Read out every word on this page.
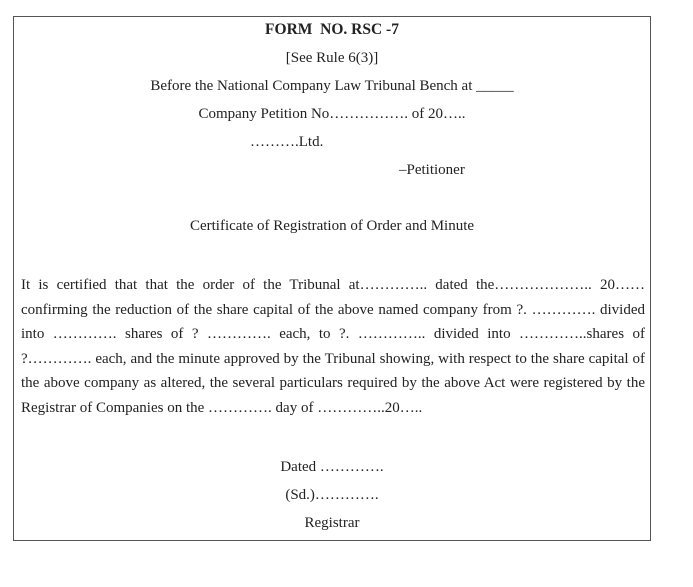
FORM  NO. RSC -7
[See Rule 6(3)]
Before the National Company Law Tribunal Bench at _____
Company Petition No……………. of 20…..
……….Ltd.
–Petitioner
Certificate of Registration of Order and Minute
It is certified that that the order of the Tribunal at………….. dated the……………….. 20…… confirming the reduction of the share capital of the above named company from ?. …………. divided into …………. shares of ? …………. each, to ?. ………….. divided into …………..shares of ?…………. each, and the minute approved by the Tribunal showing, with respect to the share capital of the above company as altered, the several particulars required by the above Act were registered by the Registrar of Companies on the …………. day of …………..20…..
Dated ………….
(Sd.)………….
Registrar
